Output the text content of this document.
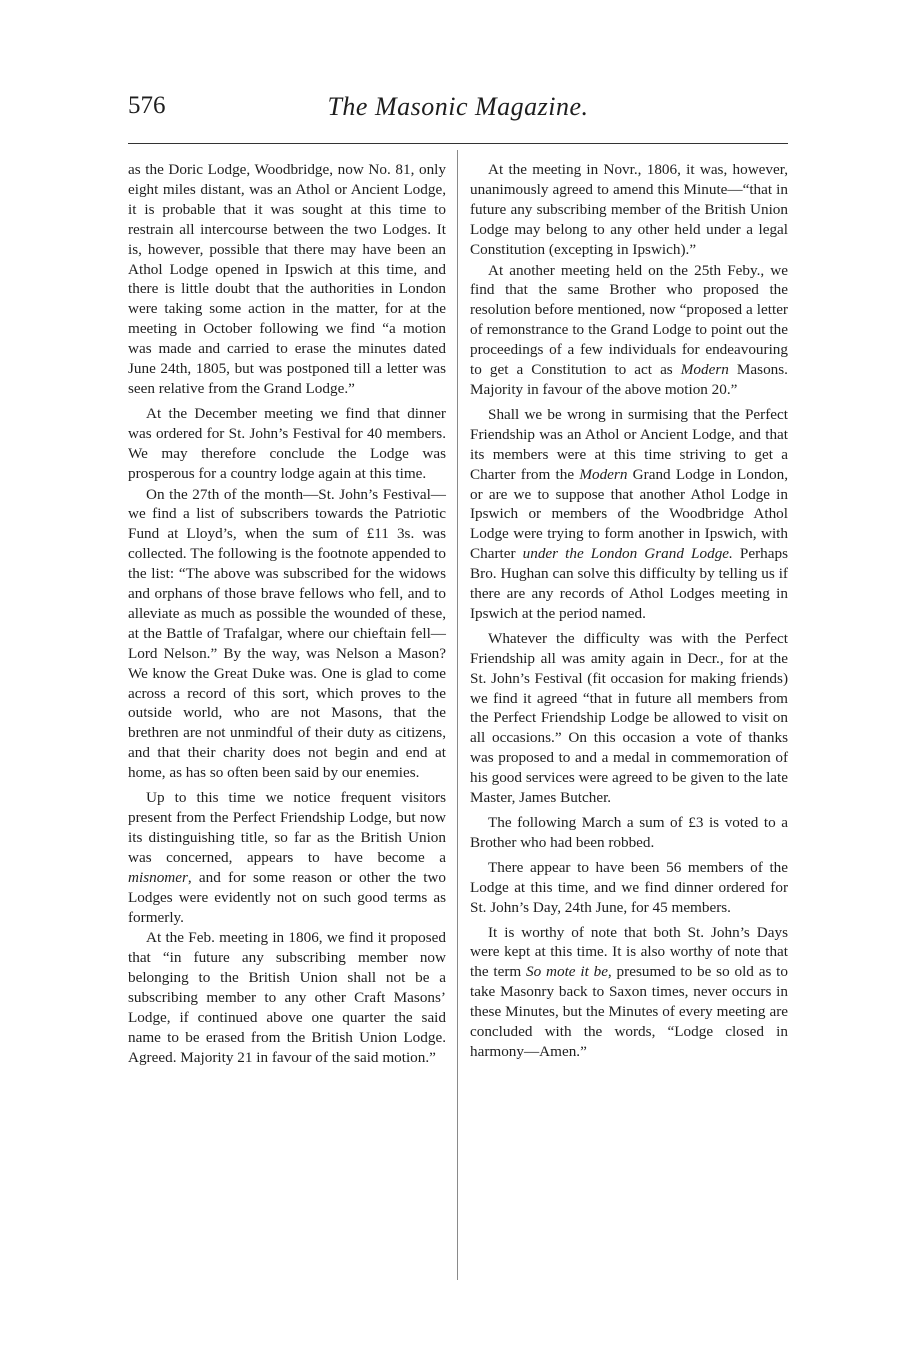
576	The Masonic Magazine.

as the Doric Lodge, Woodbridge, now No. 81, only eight miles distant, was an Athol or Ancient Lodge, it is probable that it was sought at this time to restrain all intercourse between the two Lodges. It is, however, possible that there may have been an Athol Lodge opened in Ipswich at this time, and there is little doubt that the authorities in London were taking some action in the matter, for at the meeting in October following we find “a motion was made and carried to erase the minutes dated June 24th, 1805, but was postponed till a letter was seen relative from the Grand Lodge.”

At the December meeting we find that dinner was ordered for St. John’s Festival for 40 members. We may therefore conclude the Lodge was prosperous for a country lodge again at this time.

On the 27th of the month—St. John’s Festival—we find a list of subscribers towards the Patriotic Fund at Lloyd’s, when the sum of £11 3s. was collected. The following is the footnote appended to the list: “The above was subscribed for the widows and orphans of those brave fellows who fell, and to alleviate as much as possible the wounded of these, at the Battle of Trafalgar, where our chieftain fell—Lord Nelson.” By the way, was Nelson a Mason? We know the Great Duke was. One is glad to come across a record of this sort, which proves to the outside world, who are not Masons, that the brethren are not unmindful of their duty as citizens, and that their charity does not begin and end at home, as has so often been said by our enemies.

Up to this time we notice frequent visitors present from the Perfect Friendship Lodge, but now its distinguishing title, so far as the British Union was concerned, appears to have become a misnomer, and for some reason or other the two Lodges were evidently not on such good terms as formerly.

At the Feb. meeting in 1806, we find it proposed that “in future any subscribing member now belonging to the British Union shall not be a subscribing member to any other Craft Masons’ Lodge, if continued above one quarter the said name to be erased from the British Union Lodge. Agreed. Majority 21 in favour of the said motion.”

At the meeting in Novr., 1806, it was, however, unanimously agreed to amend this Minute—“that in future any subscribing member of the British Union Lodge may belong to any other held under a legal Constitution (excepting in Ipswich).”

At another meeting held on the 25th Feby., we find that the same Brother who proposed the resolution before mentioned, now “proposed a letter of remonstrance to the Grand Lodge to point out the proceedings of a few individuals for endeavouring to get a Constitution to act as Modern Masons. Majority in favour of the above motion 20.”

Shall we be wrong in surmising that the Perfect Friendship was an Athol or Ancient Lodge, and that its members were at this time striving to get a Charter from the Modern Grand Lodge in London, or are we to suppose that another Athol Lodge in Ipswich or members of the Woodbridge Athol Lodge were trying to form another in Ipswich, with Charter under the London Grand Lodge. Perhaps Bro. Hughan can solve this difficulty by telling us if there are any records of Athol Lodges meeting in Ipswich at the period named.

Whatever the difficulty was with the Perfect Friendship all was amity again in Decr., for at the St. John’s Festival (fit occasion for making friends) we find it agreed “that in future all members from the Perfect Friendship Lodge be allowed to visit on all occasions.” On this occasion a vote of thanks was proposed to and a medal in commemoration of his good services were agreed to be given to the late Master, James Butcher.

The following March a sum of £3 is voted to a Brother who had been robbed.

There appear to have been 56 members of the Lodge at this time, and we find dinner ordered for St. John’s Day, 24th June, for 45 members.

It is worthy of note that both St. John’s Days were kept at this time. It is also worthy of note that the term So mote it be, presumed to be so old as to take Masonry back to Saxon times, never occurs in these Minutes, but the Minutes of every meeting are concluded with the words, “Lodge closed in harmony—Amen.”
